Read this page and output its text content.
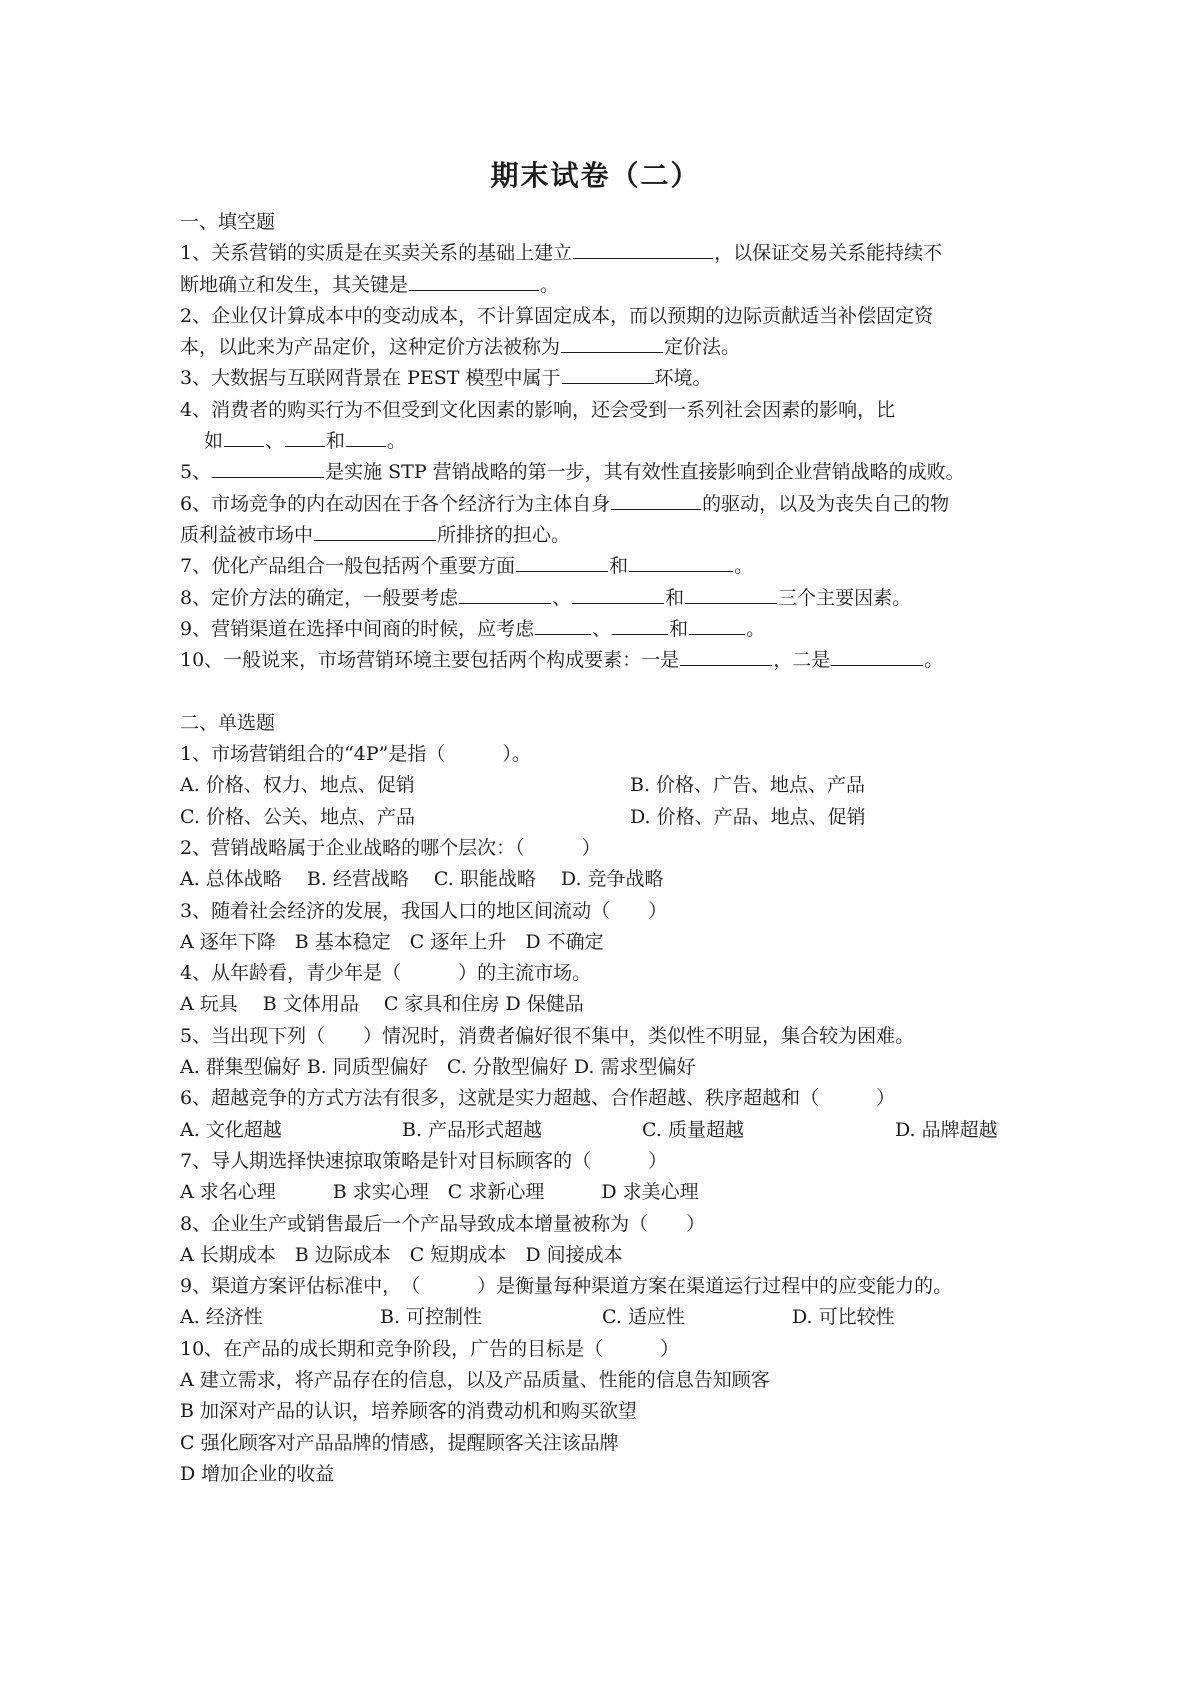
期末试卷（二）
一、填空题
1、关系营销的实质是在买卖关系的基础上建立	，以保证交易关系能持续不
断地确立和发生，其关键是	。
2、企业仅计算成本中的变动成本，不计算固定成本，而以预期的边际贡献适当补偿固定资
本，以此来为产品定价，这种定价方法被称为	定价法。
3、大数据与互联网背景在 PEST 模型中属于	环境。
4、消费者的购买行为不但受到文化因素的影响，还会受到一系列社会因素的影响，比
如 、 和 。
5、	是实施 STP 营销战略的第一步，其有效性直接影响到企业营销战略的成败。
6、市场竞争的内在动因在于各个经济行为主体自身	的驱动，以及为丧失自己的物
质利益被市场中	所排挤的担心。
7、优化产品组合一般包括两个重要方面	和	。
8、定价方法的确定，一般要考虑	、	和	三个主要因素。
9、营销渠道在选择中间商的时候，应考虑	、	和	。
10、一般说来，市场营销环境主要包括两个构成要素：一是	，二是	。
二、单选题
1、市场营销组合的“4P”是指（　　　）。
A. 价格、权力、地点、促销	B. 价格、广告、地点、产品
C. 价格、公关、地点、产品	D. 价格、产品、地点、促销
2、营销战略属于企业战略的哪个层次：（　　　）
A. 总体战略　 B. 经营战略　 C. 职能战略　 D. 竞争战略
3、随着社会经济的发展，我国人口的地区间流动（　　）
A 逐年下降　B 基本稳定　C 逐年上升　D 不确定
4、从年龄看，青少年是（　　　）的主流市场。
A 玩具　 B 文体用品　 C 家具和住房 D 保健品
5、当出现下列（　　）情况时，消费者偏好很不集中，类似性不明显，集合较为困难。
A. 群集型偏好 B. 同质型偏好　C. 分散型偏好 D. 需求型偏好
6、超越竞争的方式方法有很多，这就是实力超越、合作超越、秩序超越和（　　　）
A. 文化超越	B. 产品形式超越	C. 质量超越	D. 品牌超越
7、导人期选择快速掠取策略是针对目标顾客的（　　　）
A 求名心理　　　B 求实心理　C 求新心理　　　D 求美心理
8、企业生产或销售最后一个产品导致成本增量被称为（　　）
A 长期成本　B 边际成本　C 短期成本　D 间接成本
9、渠道方案评估标准中，　（　　　）是衡量每种渠道方案在渠道运行过程中的应变能力的。
A. 经济性	B. 可控制性	C. 适应性	D. 可比较性
10、在产品的成长期和竞争阶段，广告的目标是（　　　）
A 建立需求，将产品存在的信息，以及产品质量、性能的信息告知顾客
B 加深对产品的认识，培养顾客的消费动机和购买欲望
C 强化顾客对产品品牌的情感，提醒顾客关注该品牌
D 增加企业的收益
